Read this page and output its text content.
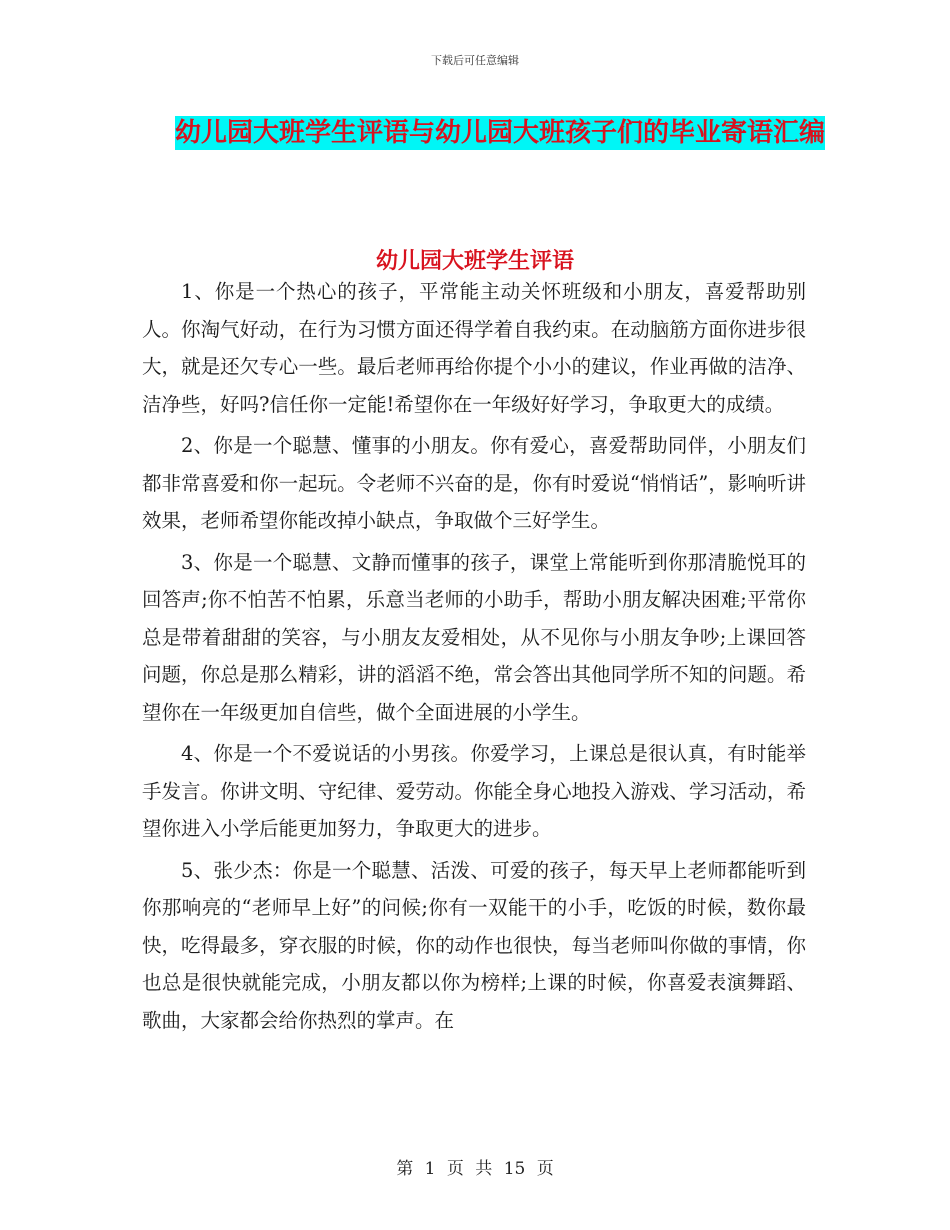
下载后可任意编辑
幼儿园大班学生评语与幼儿园大班孩子们的毕业寄语汇编
幼儿园大班学生评语

1、你是一个热心的孩子，平常能主动关怀班级和小朋友，喜爱帮助别人。你淘气好动，在行为习惯方面还得学着自我约束。在动脑筋方面你进步很大，就是还欠专心一些。最后老师再给你提个小小的建议，作业再做的洁净、洁净些，好吗?信任你一定能!希望你在一年级好好学习，争取更大的成绩。

2、你是一个聪慧、懂事的小朋友。你有爱心，喜爱帮助同伴，小朋友们都非常喜爱和你一起玩。令老师不兴奋的是，你有时爱说“悄悄话”，影响听讲效果，老师希望你能改掉小缺点，争取做个三好学生。

3、你是一个聪慧、文静而懂事的孩子，课堂上常能听到你那清脆悦耳的回答声;你不怕苦不怕累，乐意当老师的小助手，帮助小朋友解决困难;平常你总是带着甜甜的笑容，与小朋友友爱相处，从不见你与小朋友争吵;上课回答问题，你总是那么精彩，讲的滔滔不绝，常会答出其他同学所不知的问题。希望你在一年级更加自信些，做个全面进展的小学生。

4、你是一个不爱说话的小男孩。你爱学习，上课总是很认真，有时能举手发言。你讲文明、守纪律、爱劳动。你能全身心地投入游戏、学习活动，希望你进入小学后能更加努力，争取更大的进步。

5、张少杰：你是一个聪慧、活泼、可爱的孩子，每天早上老师都能听到你那响亮的“老师早上好”的问候;你有一双能干的小手，吃饭的时候，数你最快，吃得最多，穿衣服的时候，你的动作也很快，每当老师叫你做的事情，你也总是很快就能完成，小朋友都以你为榜样;上课的时候，你喜爱表演舞蹈、歌曲，大家都会给你热烈的掌声。在

第 1 页 共 15 页
